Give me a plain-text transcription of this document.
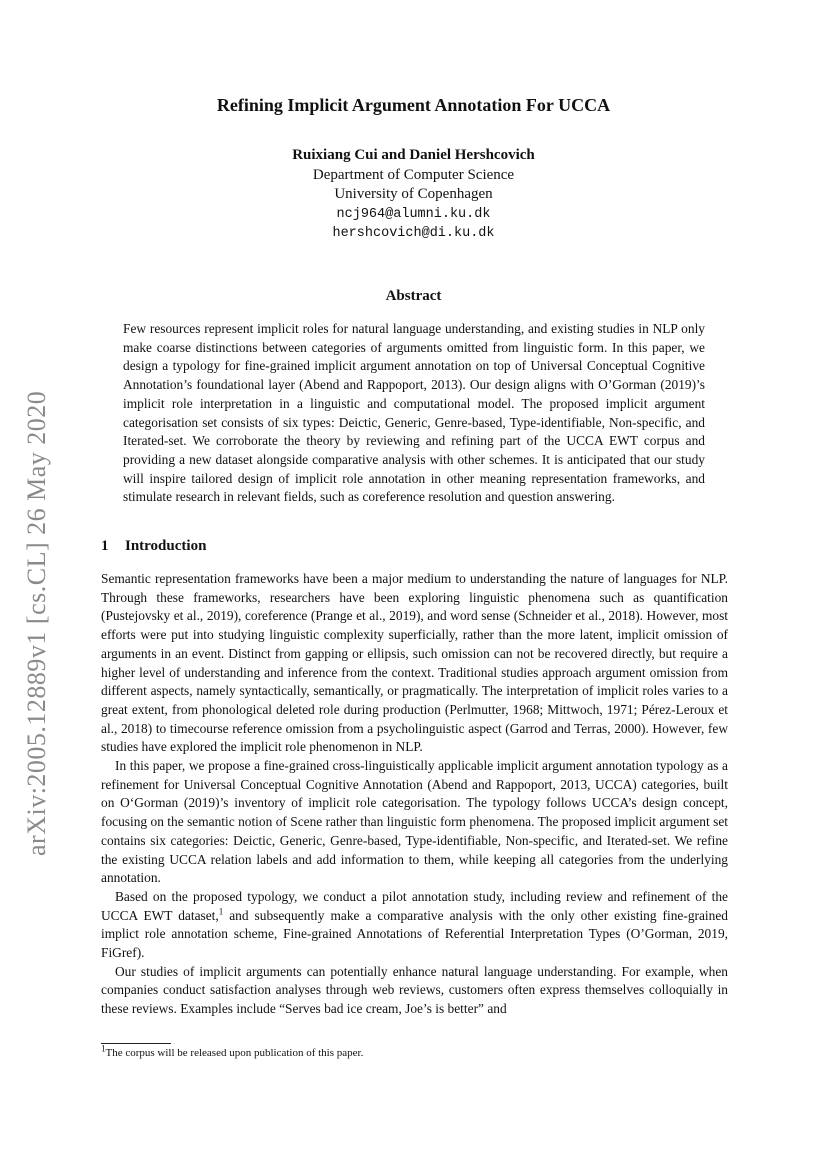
arXiv:2005.12889v1 [cs.CL] 26 May 2020
Refining Implicit Argument Annotation For UCCA
Ruixiang Cui and Daniel Hershcovich
Department of Computer Science
University of Copenhagen
ncj964@alumni.ku.dk
hershcovich@di.ku.dk
Abstract
Few resources represent implicit roles for natural language understanding, and existing studies in NLP only make coarse distinctions between categories of arguments omitted from linguistic form. In this paper, we design a typology for fine-grained implicit argument annotation on top of Universal Conceptual Cognitive Annotation’s foundational layer (Abend and Rappoport, 2013). Our design aligns with O’Gorman (2019)’s implicit role interpretation in a linguistic and computational model. The proposed implicit argument categorisation set consists of six types: Deictic, Generic, Genre-based, Type-identifiable, Non-specific, and Iterated-set. We corroborate the theory by reviewing and refining part of the UCCA EWT corpus and providing a new dataset alongside comparative analysis with other schemes. It is anticipated that our study will inspire tailored design of implicit role annotation in other meaning representation frameworks, and stimulate research in relevant fields, such as coreference resolution and question answering.
1 Introduction

Semantic representation frameworks have been a major medium to understanding the nature of languages for NLP. Through these frameworks, researchers have been exploring linguistic phenomena such as quantification (Pustejovsky et al., 2019), coreference (Prange et al., 2019), and word sense (Schneider et al., 2018). However, most efforts were put into studying linguistic complexity superficially, rather than the more latent, implicit omission of arguments in an event. Distinct from gapping or ellipsis, such omission can not be recovered directly, but require a higher level of understanding and inference from the context. Traditional studies approach argument omission from different aspects, namely syntactically, semantically, or pragmatically. The interpretation of implicit roles varies to a great extent, from phonological deleted role during production (Perlmutter, 1968; Mittwoch, 1971; Pérez-Leroux et al., 2018) to timecourse reference omission from a psycholinguistic aspect (Garrod and Terras, 2000). However, few studies have explored the implicit role phenomenon in NLP.

In this paper, we propose a fine-grained cross-linguistically applicable implicit argument annotation typology as a refinement for Universal Conceptual Cognitive Annotation (Abend and Rappoport, 2013, UCCA) categories, built on O‘Gorman (2019)’s inventory of implicit role categorisation. The typology follows UCCA’s design concept, focusing on the semantic notion of Scene rather than linguistic form phenomena. The proposed implicit argument set contains six categories: Deictic, Generic, Genre-based, Type-identifiable, Non-specific, and Iterated-set. We refine the existing UCCA relation labels and add information to them, while keeping all categories from the underlying annotation.

Based on the proposed typology, we conduct a pilot annotation study, including review and refinement of the UCCA EWT dataset,$^1$ and subsequently make a comparative analysis with the only other existing fine-grained implict role annotation scheme, Fine-grained Annotations of Referential Interpretation Types (O’Gorman, 2019, FiGref).

Our studies of implicit arguments can potentially enhance natural language understanding. For example, when companies conduct satisfaction analyses through web reviews, customers often express themselves colloquially in these reviews. Examples include “Serves bad ice cream, Joe’s is better” and

$^1$The corpus will be released upon publication of this paper.
